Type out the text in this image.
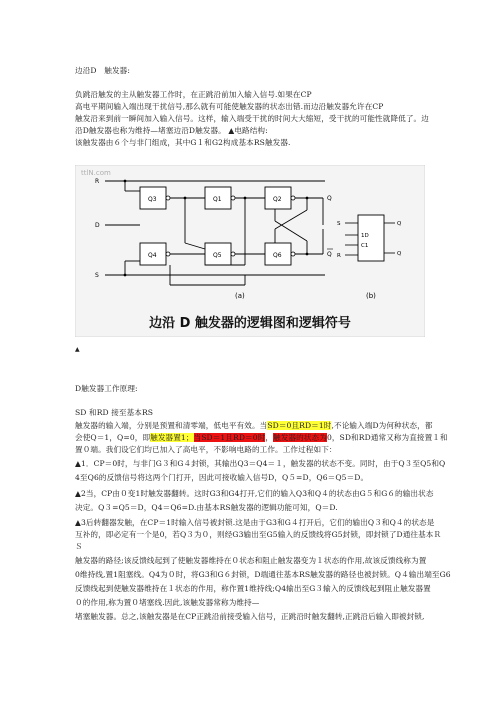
边沿D　触发器:
负跳沿触发的主从触发器工作时，在正跳沿前加入输入信号.如果在CP
高电平期间输入端出现干扰信号,那么就有可能使触发器的状态出错.而边沿触发器允许在CP
触发沿来到前一瞬间加入输入信号。这样，输入端受干扰的时间大大缩短，受干扰的可能性就降低了。边
沿D触发器也称为维持—堵塞边沿D触发器。 ▲电路结构:
该触发器由６个与非门组成，其中G１和G2构成基本RS触发器.
ttlN.com
Q3
Q4
Q1
Q5
Q2
Q6
R
D
S
Q
Q
(a)
S
1D
C1
R
Q
Q
(b)
边沿 D 触发器的逻辑图和逻辑符号
▲
D触发器工作原理:
SD 和RD 接至基本RS
触发器的输入端，分别是预置和清零端，低电平有效。当SD＝0且RD＝1时,不论输入端D为何种状态，都
会使Q＝1，Q=0，即触发器置1；当SD＝1且RD＝0时，触发器的状态为0，SD和RD通常又称为直接置１和
置０端。我们设它们均已加入了高电平，不影响电路的工作。工作过程如下：
▲1．CP＝0时，与非门G３和G４封锁，其输出Q3＝Q4＝１，触发器的状态不变。同时，由于Q３至Q5和Q
4至Q6的反馈信号将这两个门打开，因此可接收输入信号D，Q５=D，Q6＝Q5＝D。
▲2当，CP由０变1时触发器翻转。这时G3和G4打开,它们的输入Q3和Q４的状态由G５和G６的输出状态
决定。Q３=Q5＝D，Q4＝Q6=D.由基本RS触发器的逻辑功能可知，Q＝D.
▲3后转翻器发触，在CP＝1时输入信号被封锁.这是由于G3和G４打开后，它们的输出Q３和Q４的状态是
互补的，即必定有一个是0，若Q３为０，则经G3输出至G5输入的反馈线将G5封锁，即封锁了D通往基本Ｒ
Ｓ
触发器的路径;该反馈线起到了使触发器维持在０状态和阻止触发器变为１状态的作用,故该反馈线称为置
0维持线,置1阻塞线。Q4为０时，将G3和G６封锁，D端通往基本RS触发器的路径也被封锁。Q４输出端至G6
反馈线起到使触发器维持在１状态的作用，称作置1维持线;Q4输出至G３输入的反馈线起到阻止触发器置
０的作用,称为置０堵塞线.因此,该触发器常称为维持—
堵塞触发器。总之,该触发器是在CP正跳沿前接受输入信号，正跳沿时触发翻转,正跳沿后输入即被封锁,
